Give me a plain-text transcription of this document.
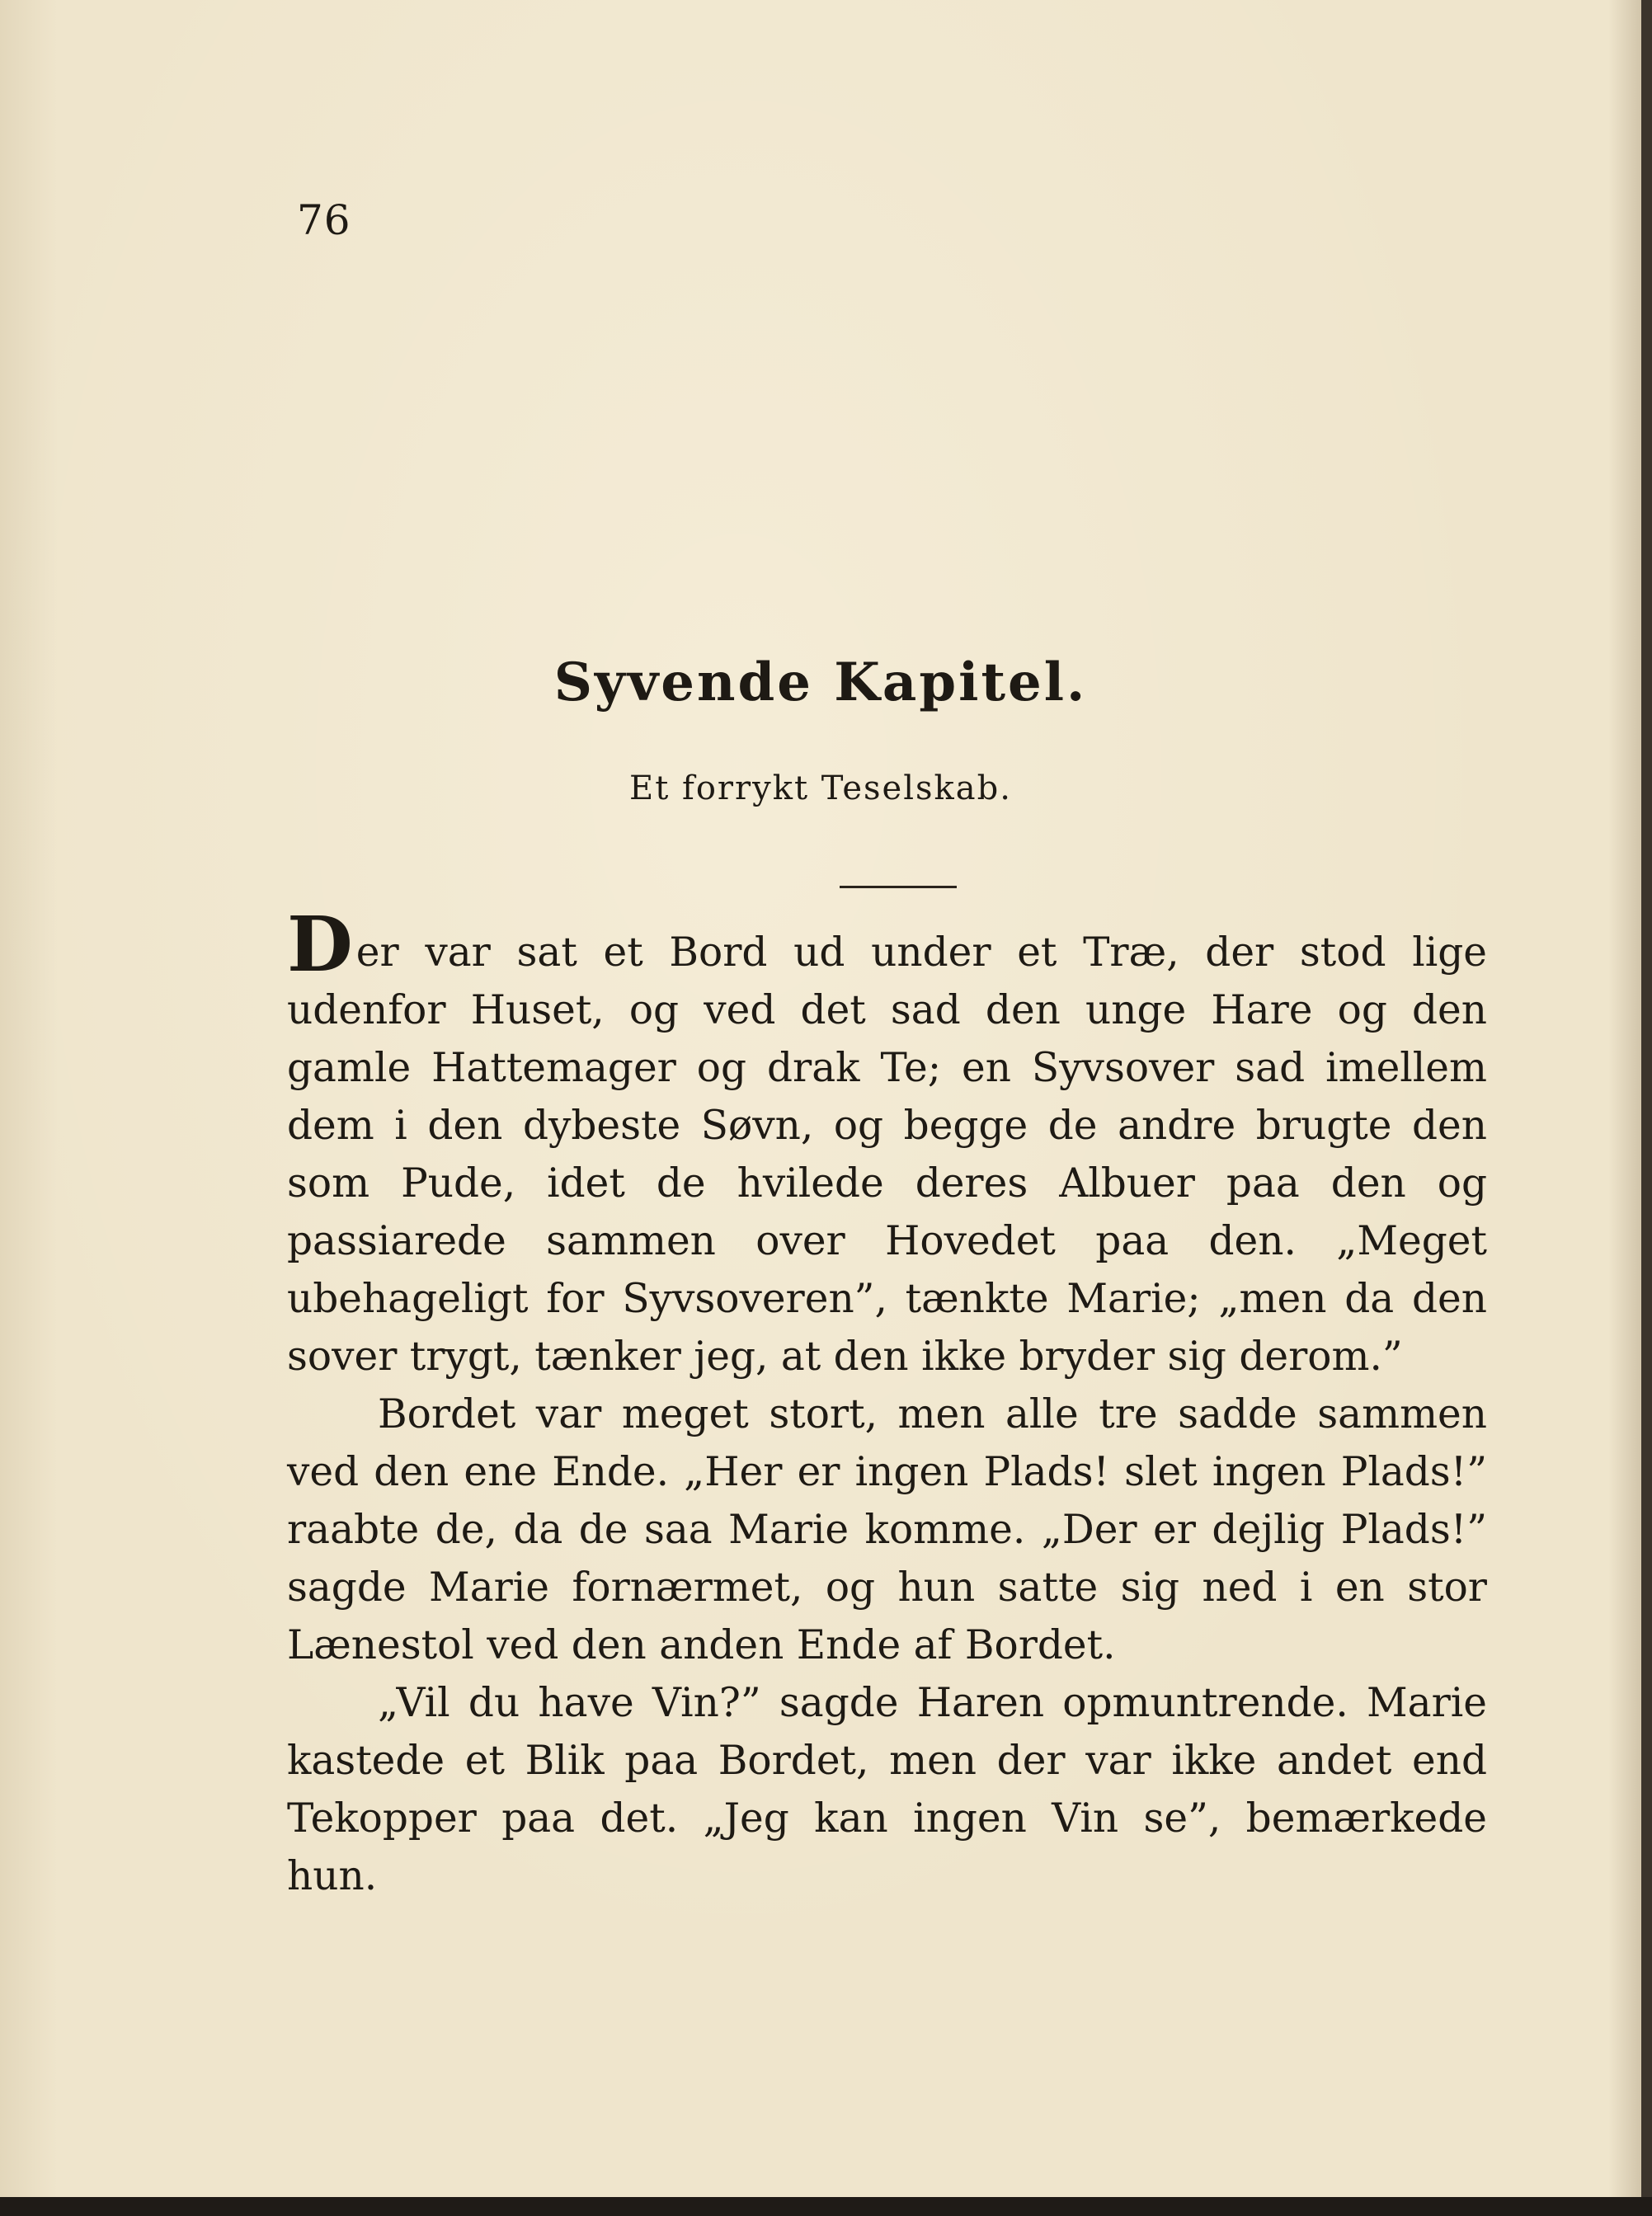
76
Syvende Kapitel.
Et forrykt Teselskab.

Der var sat et Bord ud under et Træ, der stod lige udenfor Huset, og ved det sad den unge Hare og den gamle Hattemager og drak Te; en Syvsover sad imellem dem i den dybeste Søvn, og begge de andre brugte den som Pude, idet de hvilede deres Albuer paa den og passiarede sammen over Hovedet paa den. „Meget ubehageligt for Syvsoveren”, tænkte Marie; „men da den sover trygt, tænker jeg, at den ikke bryder sig derom.”

Bordet var meget stort, men alle tre sadde sammen ved den ene Ende. „Her er ingen Plads! slet ingen Plads!” raabte de, da de saa Marie komme. „Der er dejlig Plads!” sagde Marie fornærmet, og hun satte sig ned i en stor Lænestol ved den anden Ende af Bordet.

„Vil du have Vin?” sagde Haren opmuntrende. Marie kastede et Blik paa Bordet, men der var ikke andet end Tekopper paa det. „Jeg kan ingen Vin se”, bemærkede hun.
